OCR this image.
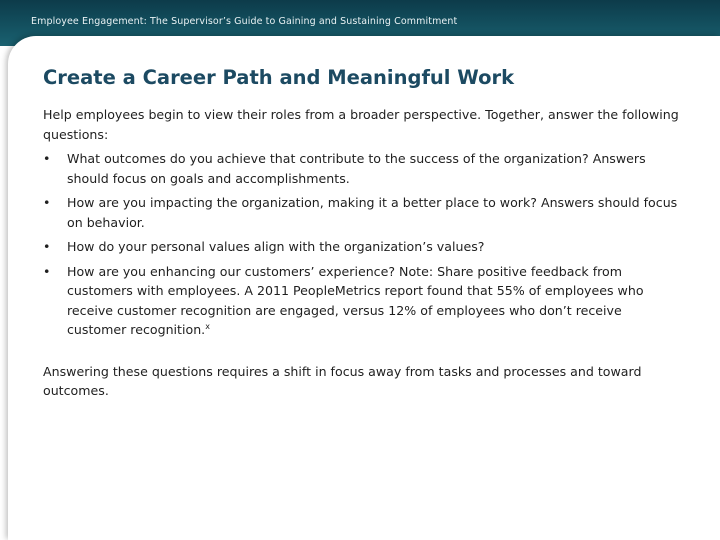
Employee Engagement: The Supervisor’s Guide to Gaining and Sustaining Commitment
Create a Career Path and Meaningful Work

Help employees begin to view their roles from a broader perspective. Together, answer the following questions:

• What outcomes do you achieve that contribute to the success of the organization? Answers should focus on goals and accomplishments.
• How are you impacting the organization, making it a better place to work? Answers should focus on behavior.
• How do your personal values align with the organization’s values?
• How are you enhancing our customers’ experience? Note: Share positive feedback from customers with employees. A 2011 PeopleMetrics report found that 55% of employees who receive customer recognition are engaged, versus 12% of employees who don’t receive customer recognition.$^x$

Answering these questions requires a shift in focus away from tasks and processes and toward outcomes.
